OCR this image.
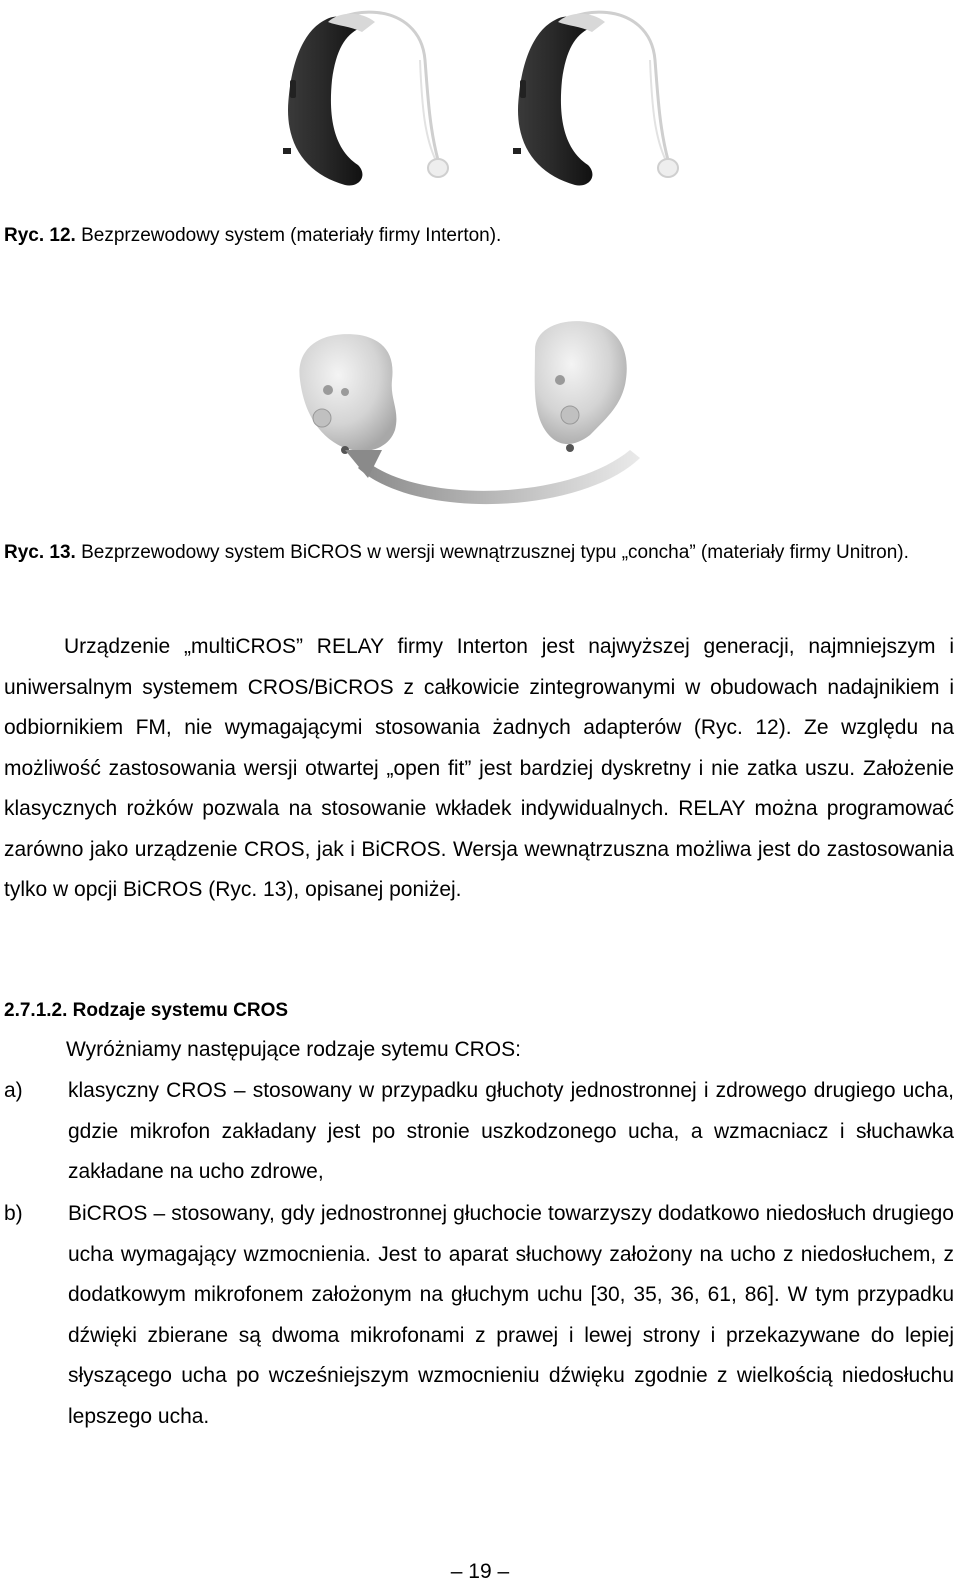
Ryc. 12. Bezprzewodowy system (materiały firmy Interton).
Ryc. 13. Bezprzewodowy system BiCROS w wersji wewnątrzusznej typu „concha” (materiały firmy Unitron).

Urządzenie „multiCROS” RELAY firmy Interton jest najwyższej generacji, najmniejszym i uniwersalnym systemem CROS/BiCROS z całkowicie zintegrowanymi w obudowach nadajnikiem i odbiornikiem FM, nie wymagającymi stosowania żadnych adapterów (Ryc. 12). Ze względu na możliwość zastosowania wersji otwartej „open fit” jest bardziej dyskretny i nie zatka uszu. Założenie klasycznych rożków pozwala na stosowanie wkładek indywidualnych. RELAY można programować zarówno jako urządzenie CROS, jak i BiCROS. Wersja wewnątrzuszna możliwa jest do zastosowania tylko w opcji BiCROS (Ryc. 13), opisanej poniżej.

2.7.1.2. Rodzaje systemu CROS
Wyróżniamy następujące rodzaje sytemu CROS:
a) klasyczny CROS – stosowany w przypadku głuchoty jednostronnej i zdrowego drugiego ucha, gdzie mikrofon zakładany jest po stronie uszkodzonego ucha, a wzmacniacz i słuchawka zakładane na ucho zdrowe,

b) BiCROS – stosowany, gdy jednostronnej głuchocie towarzyszy dodatkowo niedosłuch drugiego ucha wymagający wzmocnienia. Jest to aparat słuchowy założony na ucho z niedosłuchem, z dodatkowym mikrofonem założonym na głuchym uchu [30, 35, 36, 61, 86]. W tym przypadku dźwięki zbierane są dwoma mikrofonami z prawej i lewej strony i przekazywane do lepiej słyszącego ucha po wcześniejszym wzmocnieniu dźwięku zgodnie z wielkością niedosłuchu lepszego ucha.

– 19 –
